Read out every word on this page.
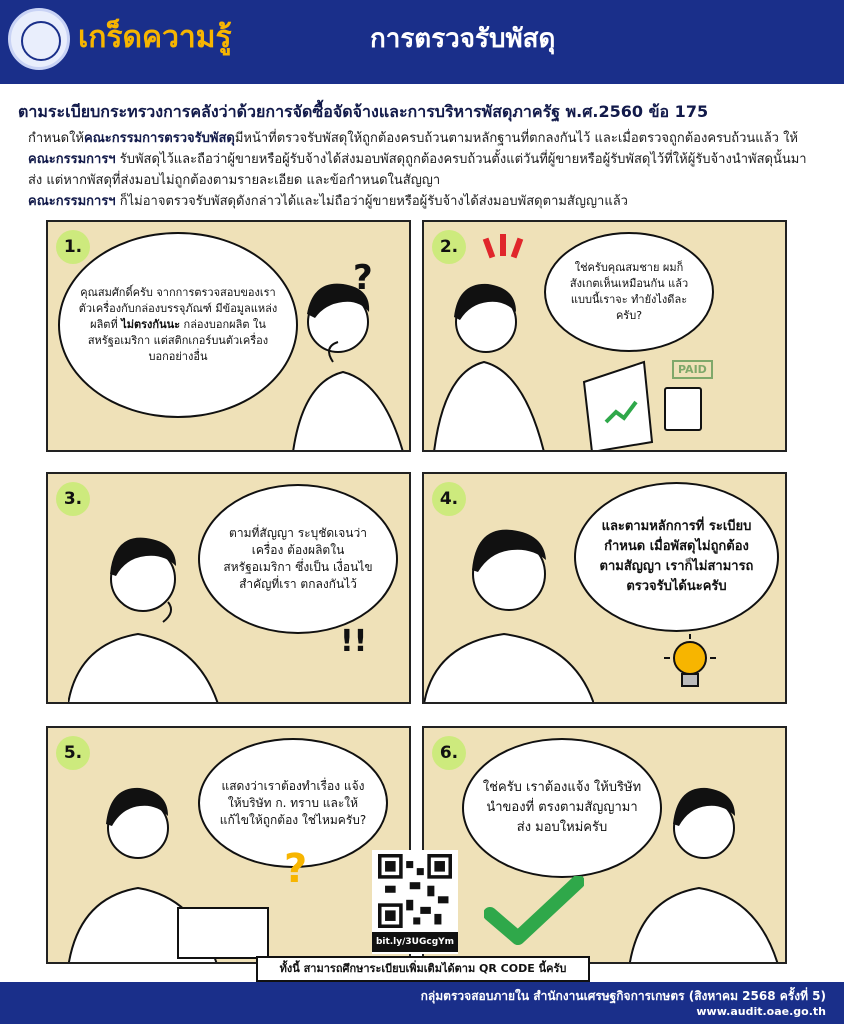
เกร็ดความรู้	การตรวจรับพัสดุ
ตามระเบียบกระทรวงการคลังว่าด้วยการจัดซื้อจัดจ้างและการบริหารพัสดุภาครัฐ พ.ศ.2560 ข้อ 175
กำหนดให้คณะกรรมการตรวจรับพัสดุมีหน้าที่ตรวจรับพัสดุให้ถูกต้องครบถ้วนตามหลักฐานที่ตกลงกันไว้ และเมื่อตรวจถูกต้องครบถ้วนแล้ว ให้คณะกรรมการฯ รับพัสดุไว้และถือว่าผู้ขายหรือผู้รับจ้างได้ส่งมอบพัสดุถูกต้องครบถ้วนตั้งแต่วันที่ผู้ขายหรือผู้รับพัสดุไว้ที่ให้ผู้รับจ้างนำพัสดุนั้นมาส่ง แต่หากพัสดุที่ส่งมอบไม่ถูกต้องตามรายละเอียด และข้อกำหนดในสัญญา
คณะกรรมการฯ ก็ไม่อาจตรวจรับพัสดุดังกล่าวได้และไม่ถือว่าผู้ขายหรือผู้รับจ้างได้ส่งมอบพัสดุตามสัญญาแล้ว
1.
คุณสมศักดิ์ครับ จากการตรวจสอบของเรา ตัวเครื่องกับกล่องบรรจุภัณฑ์ มีข้อมูลแหล่งผลิตที่ ไม่ตรงกันนะ กล่องบอกผลิต ในสหรัฐอเมริกา แต่สติกเกอร์บนตัวเครื่อง บอกอย่างอื่น
?
2.
ใช่ครับคุณสมชาย ผมก็สังเกตเห็นเหมือนกัน แล้วแบบนี้เราจะ ทำยังไงดีละครับ?
PAID
3.
ตามที่สัญญา ระบุชัดเจนว่าเครื่อง ต้องผลิตใน สหรัฐอเมริกา ซึ่งเป็น เงื่อนไขสำคัญที่เรา ตกลงกันไว้
!!
4.
และตามหลักการที่ ระเบียบกำหนด เมื่อพัสดุไม่ถูกต้อง ตามสัญญา เราก็ไม่สามารถ ตรวจรับได้นะครับ
5.
แสดงว่าเราต้องทำเรื่อง แจ้งให้บริษัท ก. ทราบ และให้แก้ไขให้ถูกต้อง ใช่ไหมครับ?
?
6.
ใช่ครับ เราต้องแจ้ง ให้บริษัทนำของที่ ตรงตามสัญญามาส่ง มอบใหม่ครับ
bit.ly/3UGcgYm
ทั้งนี้ สามารถศึกษาระเบียบเพิ่มเติมได้ตาม QR CODE นี้ครับ
กลุ่มตรวจสอบภายใน สำนักงานเศรษฐกิจการเกษตร (สิงหาคม 2568 ครั้งที่ 5)
www.audit.oae.go.th
